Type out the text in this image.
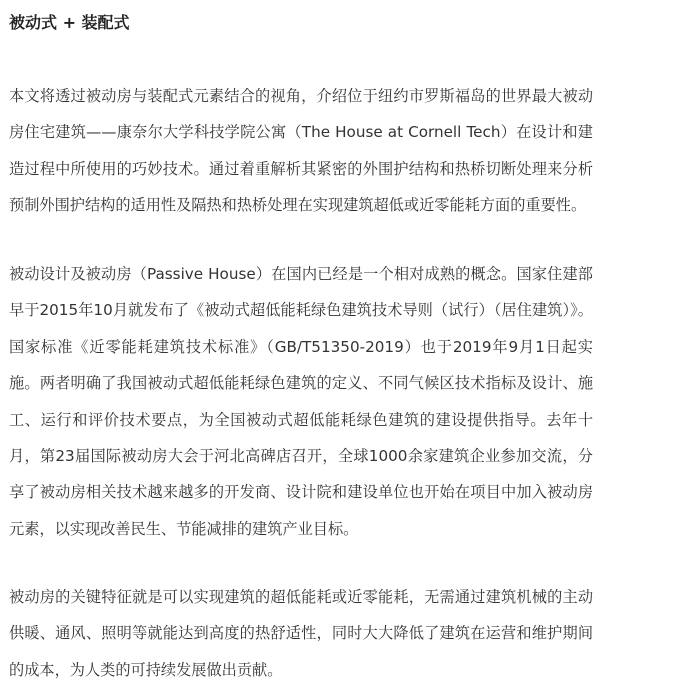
被动式 + 装配式

本文将透过被动房与装配式元素结合的视角，介绍位于纽约市罗斯福岛的世界最大被动房住宅建筑——康奈尔大学科技学院公寓（The House at Cornell Tech）在设计和建造过程中所使用的巧妙技术。通过着重解析其紧密的外围护结构和热桥切断处理来分析预制外围护结构的适用性及隔热和热桥处理在实现建筑超低或近零能耗方面的重要性。

被动设计及被动房（Passive House）在国内已经是一个相对成熟的概念。国家住建部早于2015年10月就发布了《被动式超低能耗绿色建筑技术导则（试行）（居住建筑）》。国家标准《近零能耗建筑技术标准》（GB/T51350-2019）也于2019年9月1日起实施。两者明确了我国被动式超低能耗绿色建筑的定义、不同气候区技术指标及设计、施工、运行和评价技术要点，为全国被动式超低能耗绿色建筑的建设提供指导。去年十月，第23届国际被动房大会于河北高碑店召开，全球1000余家建筑企业参加交流，分享了被动房相关技术越来越多的开发商、设计院和建设单位也开始在项目中加入被动房元素，以实现改善民生、节能减排的建筑产业目标。

被动房的关键特征就是可以实现建筑的超低能耗或近零能耗，无需通过建筑机械的主动供暖、通风、照明等就能达到高度的热舒适性，同时大大降低了建筑在运营和维护期间的成本，为人类的可持续发展做出贡献。
